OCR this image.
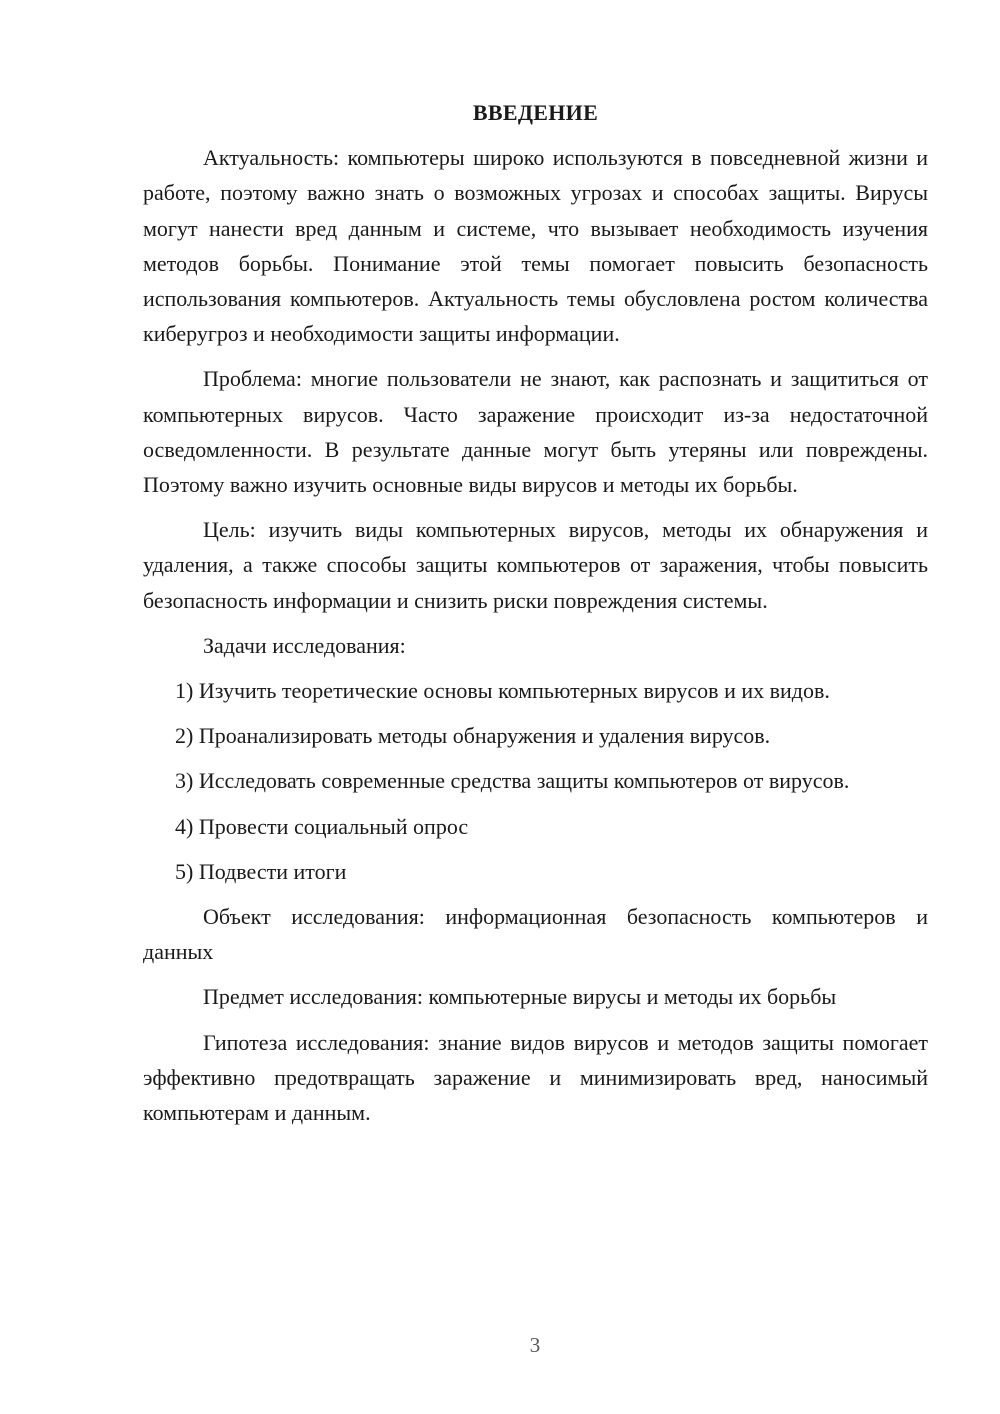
ВВЕДЕНИЕ

Актуальность: компьютеры широко используются в повседневной жизни и работе, поэтому важно знать о возможных угрозах и способах защиты. Вирусы могут нанести вред данным и системе, что вызывает необходимость изучения методов борьбы. Понимание этой темы помогает повысить безопасность использования компьютеров. Актуальность темы обусловлена ростом количества киберугроз и необходимости защиты информации.

Проблема: многие пользователи не знают, как распознать и защититься от компьютерных вирусов. Часто заражение происходит из-за недостаточной осведомленности. В результате данные могут быть утеряны или повреждены. Поэтому важно изучить основные виды вирусов и методы их борьбы.

Цель: изучить виды компьютерных вирусов, методы их обнаружения и удаления, а также способы защиты компьютеров от заражения, чтобы повысить безопасность информации и снизить риски повреждения системы.

Задачи исследования:

1) Изучить теоретические основы компьютерных вирусов и их видов.

2) Проанализировать методы обнаружения и удаления вирусов.

3) Исследовать современные средства защиты компьютеров от вирусов.

4) Провести социальный опрос

5) Подвести итоги

Объект исследования: информационная безопасность компьютеров и данных

Предмет исследования: компьютерные вирусы и методы их борьбы

Гипотеза исследования: знание видов вирусов и методов защиты помогает эффективно предотвращать заражение и минимизировать вред, наносимый компьютерам и данным.

3
